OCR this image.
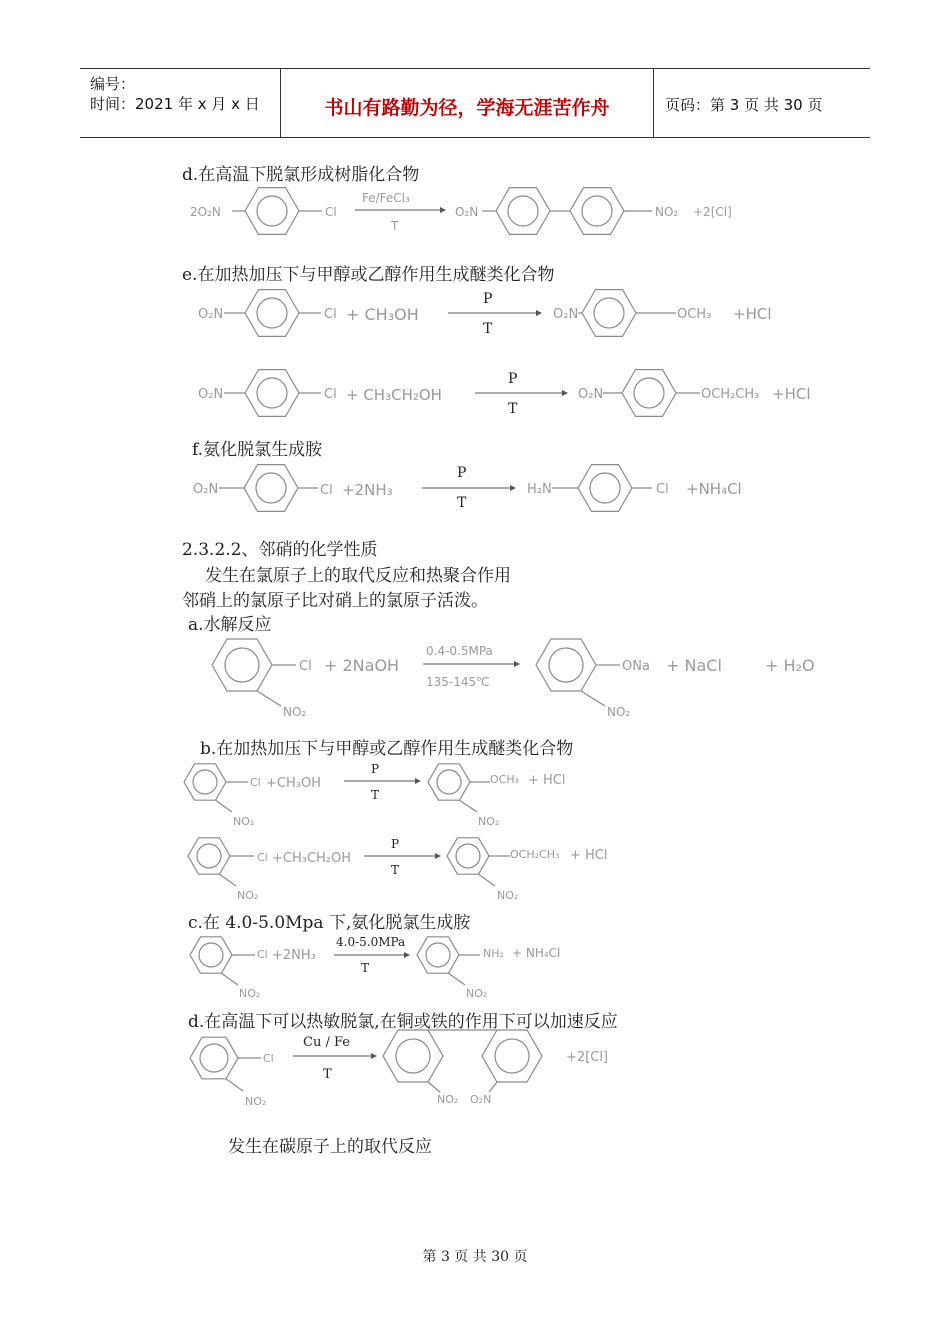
编号：
时间：2021 年 x 月 x 日	书山有路勤为径，学海无涯苦作舟	页码：第 3 页 共 30 页
d.在高温下脱氯形成树脂化合物
e.在加热加压下与甲醇或乙醇作用生成醚类化合物
f.氨化脱氯生成胺
2.3.2.2、邻硝的化学性质
发生在氯原子上的取代反应和热聚合作用
邻硝上的氯原子比对硝上的氯原子活泼。
a.水解反应
b.在加热加压下与甲醇或乙醇作用生成醚类化合物
c.在 4.0-5.0Mpa 下,氨化脱氯生成胺
d.在高温下可以热敏脱氯,在铜或铁的作用下可以加速反应
发生在碳原子上的取代反应
2O₂N	Cl
Fe/FeCl₃
T
O₂N	NO₂ +2[Cl]
O₂N	Cl + CH₃OH
P
T
O₂N	OCH₃ +HCl
O₂N	Cl + CH₃CH₂OH
P
T
O₂N	OCH₂CH₃ +HCl
O₂N	Cl +2NH₃
P
T
H₂N	Cl +NH₄Cl
Cl
NO₂
+ 2NaOH
0.4-0.5MPa
135-145℃
ONa
NO₂
+ NaCl	+ H₂O
Cl
NO₂
+CH₃OH
P
T
OCH₃
NO₂
+ HCl
Cl
NO₂
+CH₃CH₂OH
P
T
OCH₂CH₃
NO₂
+ HCl
Cl
NO₂
+2NH₃
4.0-5.0MPa
T
NH₂
NO₂
+ NH₄Cl
Cl
NO₂
Cu / Fe
T
NO₂ O₂N
+2[Cl]
第 3 页 共 30 页
